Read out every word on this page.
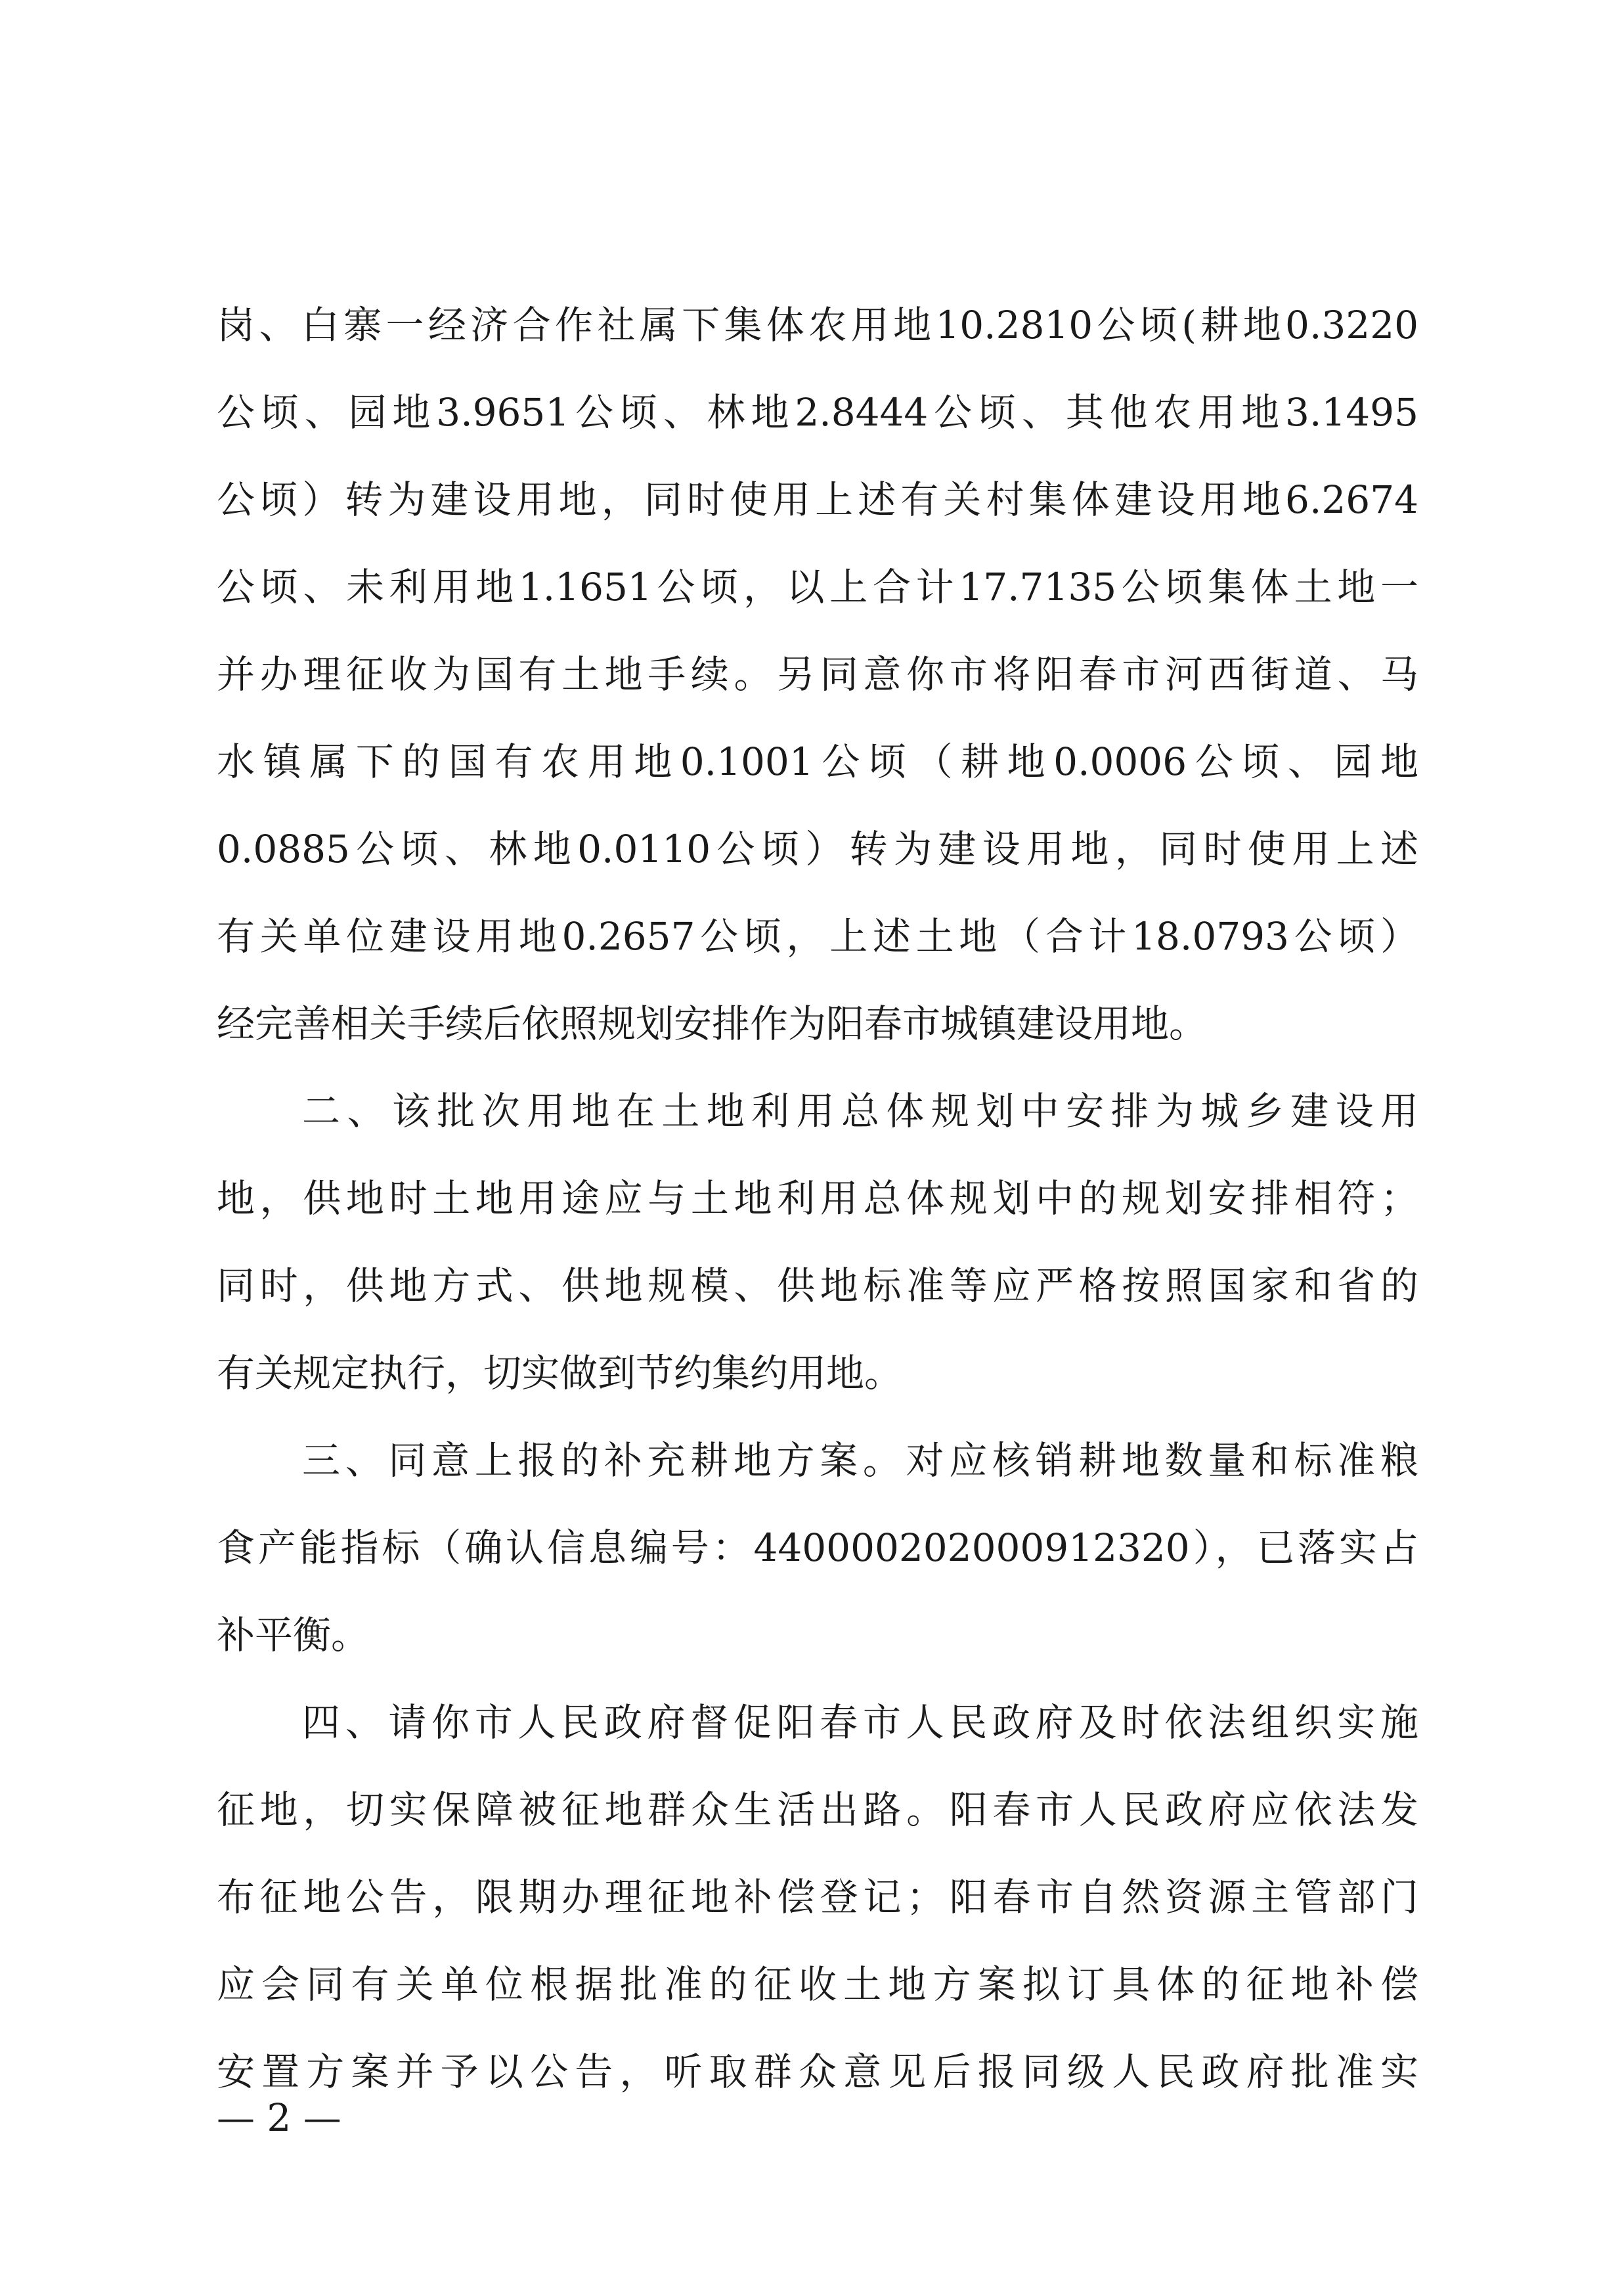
岗、白寨一经济合作社属下集体农用地10.2810公顷(耕地0.3220
公顷、园地3.9651公顷、林地2.8444公顷、其他农用地3.1495
公顷）转为建设用地，同时使用上述有关村集体建设用地6.2674
公顷、未利用地1.1651公顷，以上合计17.7135公顷集体土地一
并办理征收为国有土地手续。另同意你市将阳春市河西街道、马
水镇属下的国有农用地0.1001公顷（耕地0.0006公顷、园地
0.0885公顷、林地0.0110公顷）转为建设用地，同时使用上述
有关单位建设用地0.2657公顷，上述土地（合计18.0793公顷）
经完善相关手续后依照规划安排作为阳春市城镇建设用地。
二、该批次用地在土地利用总体规划中安排为城乡建设用
地，供地时土地用途应与土地利用总体规划中的规划安排相符；
同时，供地方式、供地规模、供地标准等应严格按照国家和省的
有关规定执行，切实做到节约集约用地。
三、同意上报的补充耕地方案。对应核销耕地数量和标准粮
食产能指标（确认信息编号：440000202000912320），已落实占
补平衡。
四、请你市人民政府督促阳春市人民政府及时依法组织实施
征地，切实保障被征地群众生活出路。阳春市人民政府应依法发
布征地公告，限期办理征地补偿登记；阳春市自然资源主管部门
应会同有关单位根据批准的征收土地方案拟订具体的征地补偿
安置方案并予以公告，听取群众意见后报同级人民政府批准实
— 2 —
